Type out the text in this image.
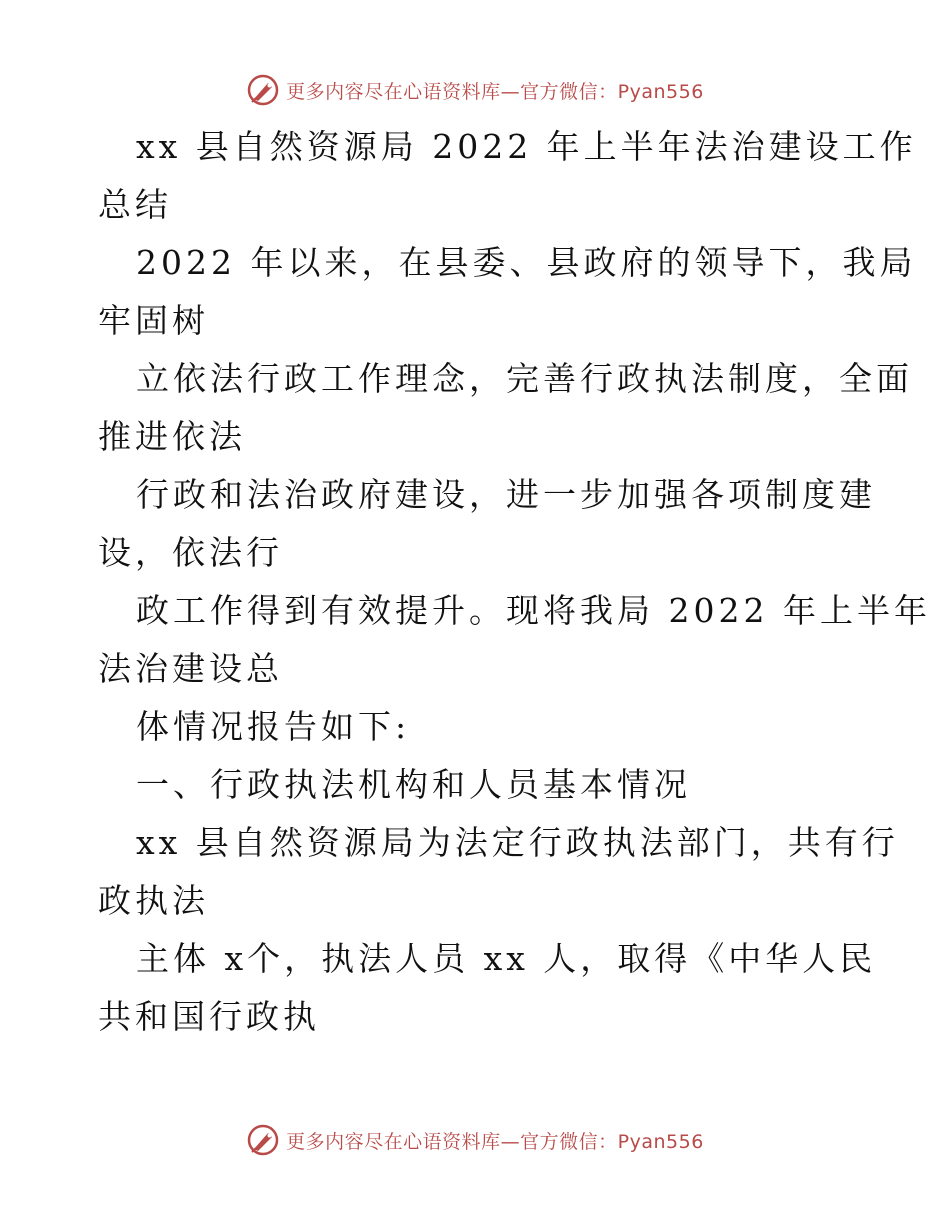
更多内容尽在心语资料库—官方微信：Pyan556
xx 县自然资源局 2022 年上半年法治建设工作
总结
2022 年以来，在县委、县政府的领导下，我局
牢固树
立依法行政工作理念，完善行政执法制度，全面
推进依法
行政和法治政府建设，进一步加强各项制度建
设，依法行
政工作得到有效提升。现将我局 2022 年上半年
法治建设总
体情况报告如下:
一、行政执法机构和人员基本情况
xx 县自然资源局为法定行政执法部门，共有行
政执法
主体 x个，执法人员 xx 人，取得《中华人民
共和国行政执
更多内容尽在心语资料库—官方微信：Pyan556
